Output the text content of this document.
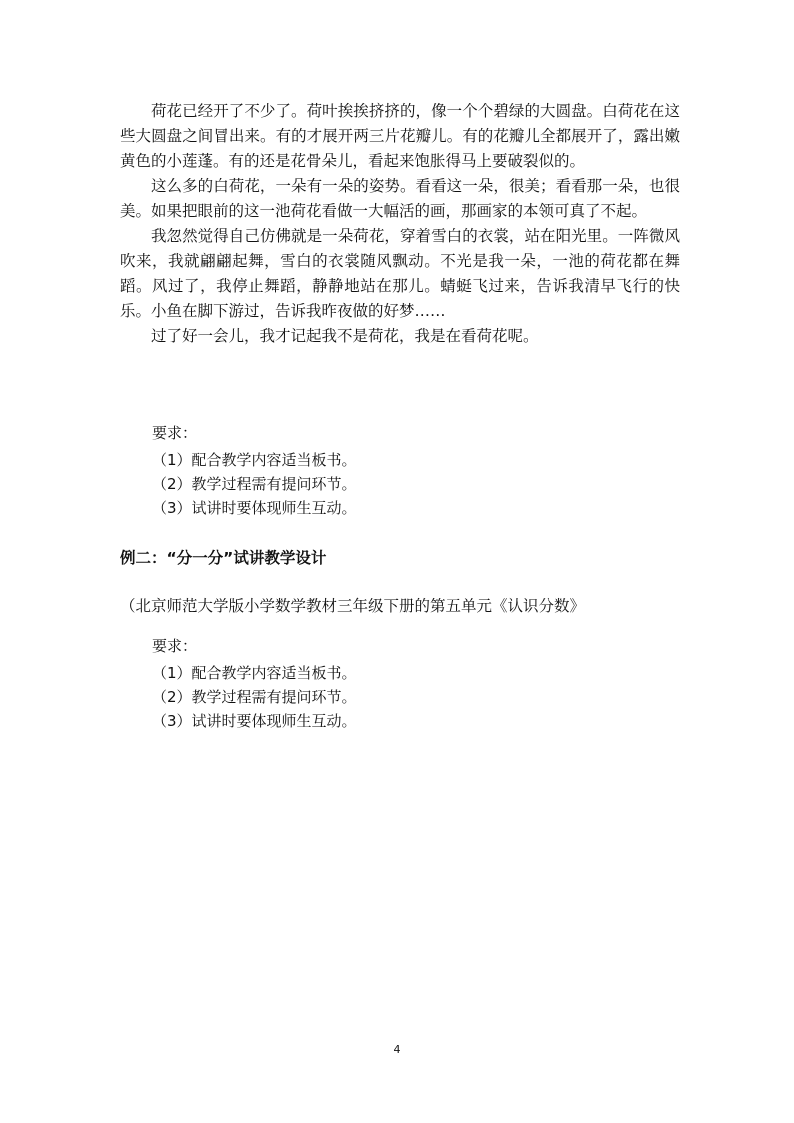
荷花已经开了不少了。荷叶挨挨挤挤的，像一个个碧绿的大圆盘。白荷花在这些大圆盘之间冒出来。有的才展开两三片花瓣儿。有的花瓣儿全都展开了，露出嫩黄色的小莲蓬。有的还是花骨朵儿，看起来饱胀得马上要破裂似的。

这么多的白荷花，一朵有一朵的姿势。看看这一朵，很美；看看那一朵，也很美。如果把眼前的这一池荷花看做一大幅活的画，那画家的本领可真了不起。

我忽然觉得自己仿佛就是一朵荷花，穿着雪白的衣裳，站在阳光里。一阵微风吹来，我就翩翩起舞，雪白的衣裳随风飘动。不光是我一朵，一池的荷花都在舞蹈。风过了，我停止舞蹈，静静地站在那儿。蜻蜓飞过来，告诉我清早飞行的快乐。小鱼在脚下游过，告诉我昨夜做的好梦……

过了好一会儿，我才记起我不是荷花，我是在看荷花呢。

要求：

（1）配合教学内容适当板书。

（2）教学过程需有提问环节。

（3）试讲时要体现师生互动。

例二：“分一分”试讲教学设计

（北京师范大学版小学数学教材三年级下册的第五单元《认识分数》

要求：

（1）配合教学内容适当板书。

（2）教学过程需有提问环节。

（3）试讲时要体现师生互动。

4
